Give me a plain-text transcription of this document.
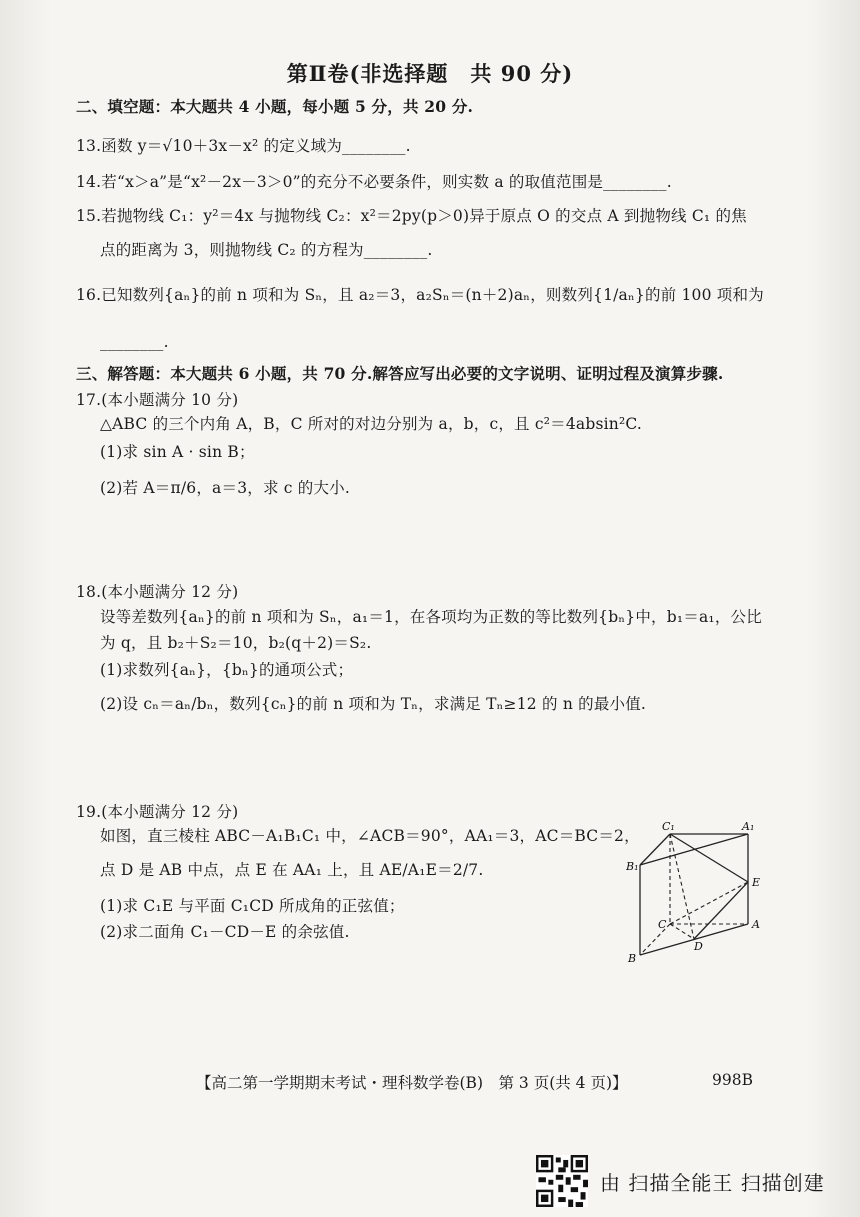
第Ⅱ卷(非选择题　共 90 分)
二、填空题：本大题共 4 小题，每小题 5 分，共 20 分.
13.函数 y＝√10＋3x－x² 的定义域为________.
14.若“x＞a”是“x²－2x－3＞0”的充分不必要条件，则实数 a 的取值范围是________.
15.若抛物线 C₁：y²＝4x 与抛物线 C₂：x²＝2py(p＞0)异于原点 O 的交点 A 到抛物线 C₁ 的焦
点的距离为 3，则抛物线 C₂ 的方程为________.
16.已知数列{aₙ}的前 n 项和为 Sₙ，且 a₂＝3，a₂Sₙ＝(n＋2)aₙ，则数列{1/aₙ}的前 100 项和为
________.
三、解答题：本大题共 6 小题，共 70 分.解答应写出必要的文字说明、证明过程及演算步骤.
17.(本小题满分 10 分)
△ABC 的三个内角 A，B，C 所对的对边分别为 a，b，c，且 c²＝4absin²C.
(1)求 sin A · sin B；
(2)若 A＝π/6，a＝3，求 c 的大小.
18.(本小题满分 12 分)
设等差数列{aₙ}的前 n 项和为 Sₙ，a₁＝1，在各项均为正数的等比数列{bₙ}中，b₁＝a₁，公比
为 q，且 b₂＋S₂＝10，b₂(q＋2)＝S₂.
(1)求数列{aₙ}，{bₙ}的通项公式；
(2)设 cₙ＝aₙ/bₙ，数列{cₙ}的前 n 项和为 Tₙ，求满足 Tₙ≥12 的 n 的最小值.
19.(本小题满分 12 分)
如图，直三棱柱 ABC－A₁B₁C₁ 中，∠ACB＝90°，AA₁＝3，AC＝BC＝2，
点 D 是 AB 中点，点 E 在 AA₁ 上，且 AE/A₁E＝2/7.
(1)求 C₁E 与平面 C₁CD 所成角的正弦值；
(2)求二面角 C₁－CD－E 的余弦值.
C₁	A₁
B₁
E
C	A
D
B
【高二第一学期期末考试・理科数学卷(B)　第 3 页(共 4 页)】	998B
由 扫描全能王 扫描创建
